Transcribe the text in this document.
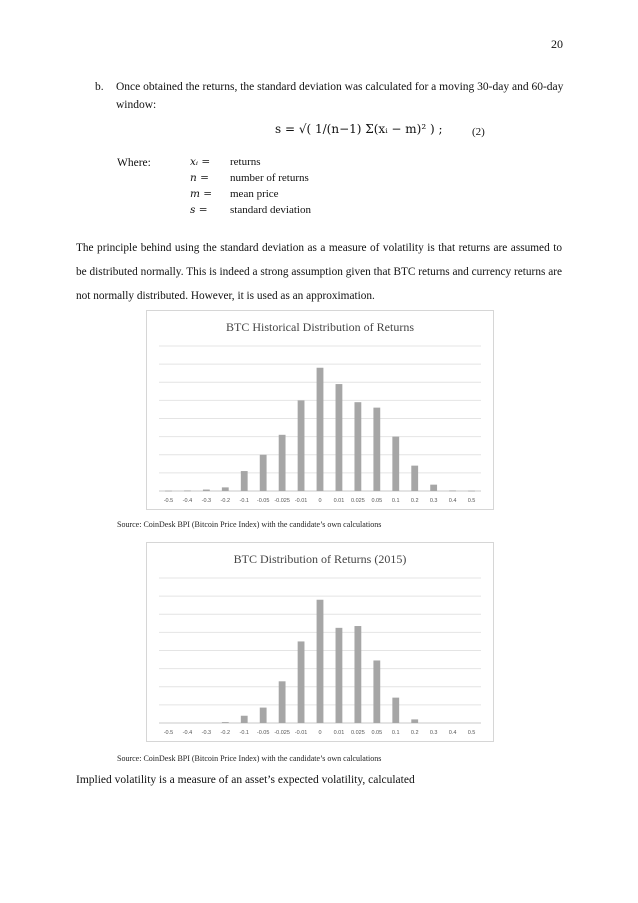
20
b. Once obtained the returns, the standard deviation was calculated for a moving 30-day and 60-day window:
s = √( 1/(n−1) Σ(xᵢ − m)² ) ;	(2)
Where:	xᵢ =	returns
n =	number of returns
m =	mean price
s =	standard deviation
The principle behind using the standard deviation as a measure of volatility is that returns are assumed to be distributed normally. This is indeed a strong assumption given that BTC returns and currency returns are not normally distributed. However, it is used as an approximation.
BTC Historical Distribution of Returns
-0.5 -0.4 -0.3 -0.2 -0.1 -0.05 -0.025 -0.01 0 0.01 0.025 0.05 0.1 0.2 0.3 0.4 0.5
Source: CoinDesk BPI (Bitcoin Price Index) with the candidate’s own calculations
BTC Distribution of Returns (2015)
-0.5 -0.4 -0.3 -0.2 -0.1 -0.05 -0.025 -0.01 0 0.01 0.025 0.05 0.1 0.2 0.3 0.4 0.5
Source: CoinDesk BPI (Bitcoin Price Index) with the candidate’s own calculations
Implied volatility is a measure of an asset’s expected volatility, calculated
